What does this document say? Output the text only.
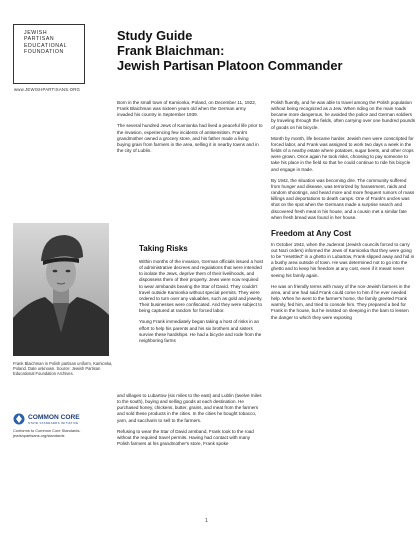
JEWISH
PARTISAN
EDUCATIONAL
FOUNDATION
www.JEWISHPARTISANS.ORG
Study Guide
Frank Blaichman:
Jewish Partisan Platoon Commander

Born in the small town of Kamionka, Poland, on December 11, 1922, Frank Blaichman was sixteen years old when the German army invaded his country in September 1939.

The several hundred Jews of Kamionka had lived a peaceful life prior to the invasion, experiencing few incidents of antisemitism. Frank's grandmother owned a grocery store, and his father made a living buying grain from farmers in the area, selling it in nearby towns and in the city of Lublin.

Frank Blaichman in Polish partisan uniform, Kamionka, Poland. Date unknown. Source: Jewish Partisan Educational Foundation Archives.
Taking Risks

Within months of the invasion, German officials issued a host of administrative decrees and regulations that were intended to isolate the Jews, deprive them of their livelihoods, and dispossess them of their property. Jews were now required to wear armbands bearing the Star of David. They couldn't travel outside Kamionka without special permits. They were ordered to turn over any valuables, such as gold and jewelry. Their businesses were confiscated. And they were subject to being captured at random for forced labor.

Young Frank immediately began taking a host of risks in an effort to help his parents and his six brothers and sisters survive these hardships. He had a bicycle and rode from the neighboring farms

and villages to Lubartow (six miles to the east) and Lublin (twelve miles to the south), buying and selling goods at each destination. He purchased honey, chickens, butter, grains, and meat from the farmers and sold these products in the cities. In the cities he bought tobacco, yarn, and saccharin to sell to the farmers.

Refusing to wear the Star of David armband, Frank took to the road without the required travel permits. Having had contact with many Polish farmers at his grandmother's store, Frank spoke

Polish fluently, and he was able to travel among the Polish population without being recognized as a Jew. When riding on the main roads became more dangerous, he avoided the police and German soldiers by traveling through the fields, often carrying over one hundred pounds of goods on his bicycle.

Month by month, life became harder. Jewish men were conscripted for forced labor, and Frank was assigned to work two days a week in the fields of a nearby estate where potatoes, sugar beets, and other crops were grown. Once again he took risks, choosing to pay someone to take his place in the field so that he could continue to ride his bicycle and engage in trade.

By 1942, the situation was becoming dire. The community suffered from hunger and disease, was terrorized by harassment, raids and random shootings, and heard more and more frequent rumors of mass killings and deportations to death camps. One of Frank's uncles was shot on the spot when the Germans made a surprise search and discovered fresh meat in his house, and a cousin met a similar fate when fresh bread was found in her house.

Freedom at Any Cost

In October 1942, when the Judenrat (Jewish councils forced to carry out Nazi orders) informed the Jews of Kamionka that they were going to be "resettled" in a ghetto in Lubartow, Frank slipped away and hid in a bushy area outside of town. He was determined not to go into the ghetto and to keep his freedom at any cost, even if it meant never seeing his family again.

He was on friendly terms with many of the non-Jewish farmers in the area, and one had said Frank could come to him if he ever needed help. When he went to the farmer's home, the family greeted Frank warmly, fed him, and tried to console him. They prepared a bed for Frank in the house, but he insisted on sleeping in the barn to lessen the danger to which they were exposing

COMMON CORE
STATE STANDARDS INITIATIVE
Conforms to Common Core Standards. jewishpartisans.org/standards
1
